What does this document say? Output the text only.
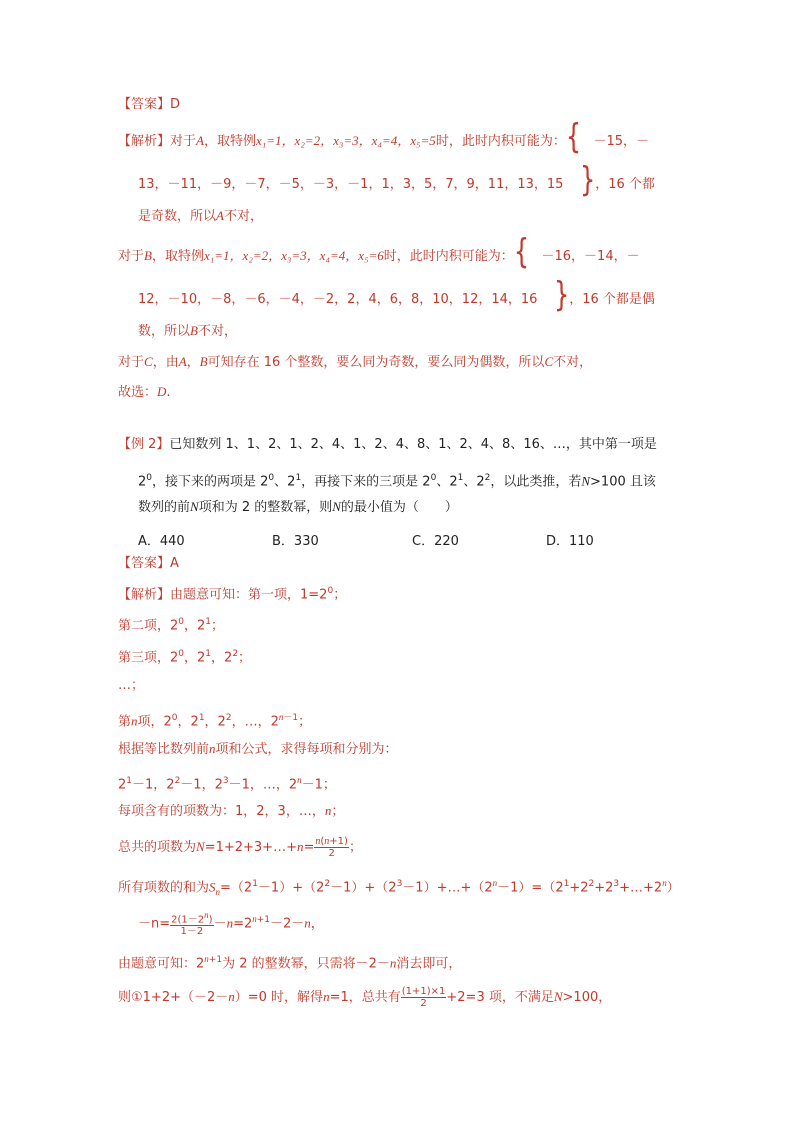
【答案】D
【解析】对于A，取特例x₁=1，x₂=2，x₃=3，x₄=4，x₅=5时，此时内积可能为：{ －15，－
13，－11，－9，－7，－5，－3，－1，1，3，5，7，9，11，13，15 }，16 个都
是奇数，所以A不对，
对于B，取特例x₁=1，x₂=2，x₃=3，x₄=4，x₅=6时，此时内积可能为：{ －16，－14，－
12，－10，－8，－6，－4，－2，2，4，6，8，10，12，14，16 }，16 个都是偶
数，所以B不对，
对于C，由A，B可知存在 16 个整数，要么同为奇数，要么同为偶数，所以C不对，
故选：D.
【例 2】已知数列 1、1、2、1、2、4、1、2、4、8、1、2、4、8、16、…，其中第一项是
$2^0$，接下来的两项是 $2^0$、$2^1$，再接下来的三项是 $2^0$、$2^1$、$2^2$，以此类推，若N>100 且该
数列的前N项和为 2 的整数幂，则N的最小值为（　　）
A．440	B．330	C．220	D．110
【答案】A
【解析】由题意可知：第一项，$1=2^0$；
第二项，$2^0$，$2^1$；
第三项，$2^0$，$2^1$，$2^2$；
…；
第n项，$2^0$，$2^1$，$2^2$，…，$2^{n-1}$；
根据等比数列前n项和公式，求得每项和分别为：
$2^1-1$，$2^2-1$，$2^3-1$，…，$2^n-1$；
每项含有的项数为：1，2，3，…，n；
总共的项数为N=1+2+3+…+n= $\frac{n(n+1)}{2}$ ；
所有项数的和为$S_n=(2^1-1)+(2^2-1)+(2^3-1)+\dots+(2^n-1)=(2^1+2^2+2^3+\dots+2^n)$
$-n= \frac{2(1-2^n)}{1-2} -n=2^{n+1}-2-n$，
由题意可知：$2^{n+1}$为 2 的整数幂，只需将－2－n消去即可，
则①1+2+（－2－n）=0 时，解得n=1，总共有 $\frac{(1+1)\times 1}{2} +2=3$ 项，不满足N>100，
